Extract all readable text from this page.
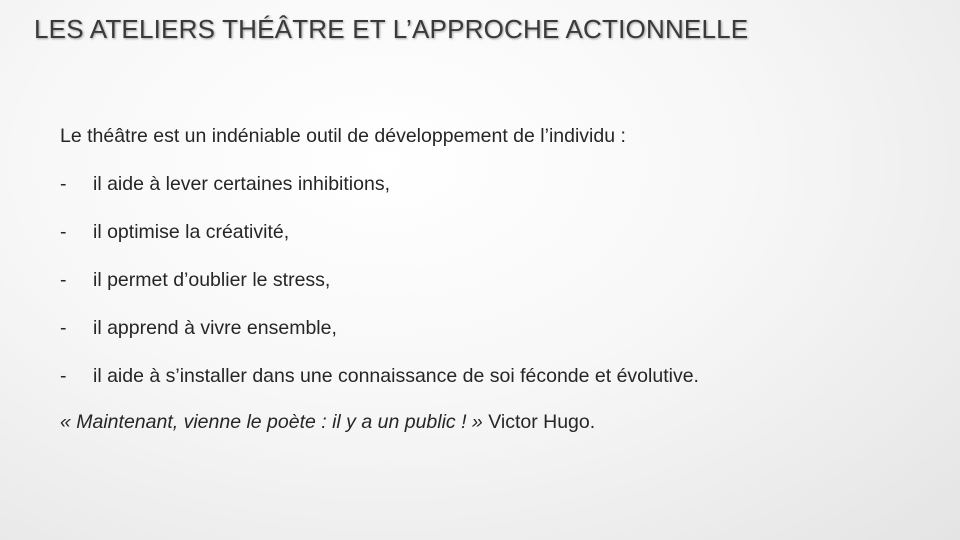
LES ATELIERS THÉÂTRE ET L’APPROCHE ACTIONNELLE

Le théâtre est un indéniable outil de développement de l’individu :

-	il aide à lever certaines inhibitions,
-	il optimise la créativité,
-	il permet d’oublier le stress,
-	il apprend à vivre ensemble,
-	il aide à s’installer dans une connaissance de soi féconde et évolutive.

« Maintenant, vienne le poète : il y a un public ! » Victor Hugo.
